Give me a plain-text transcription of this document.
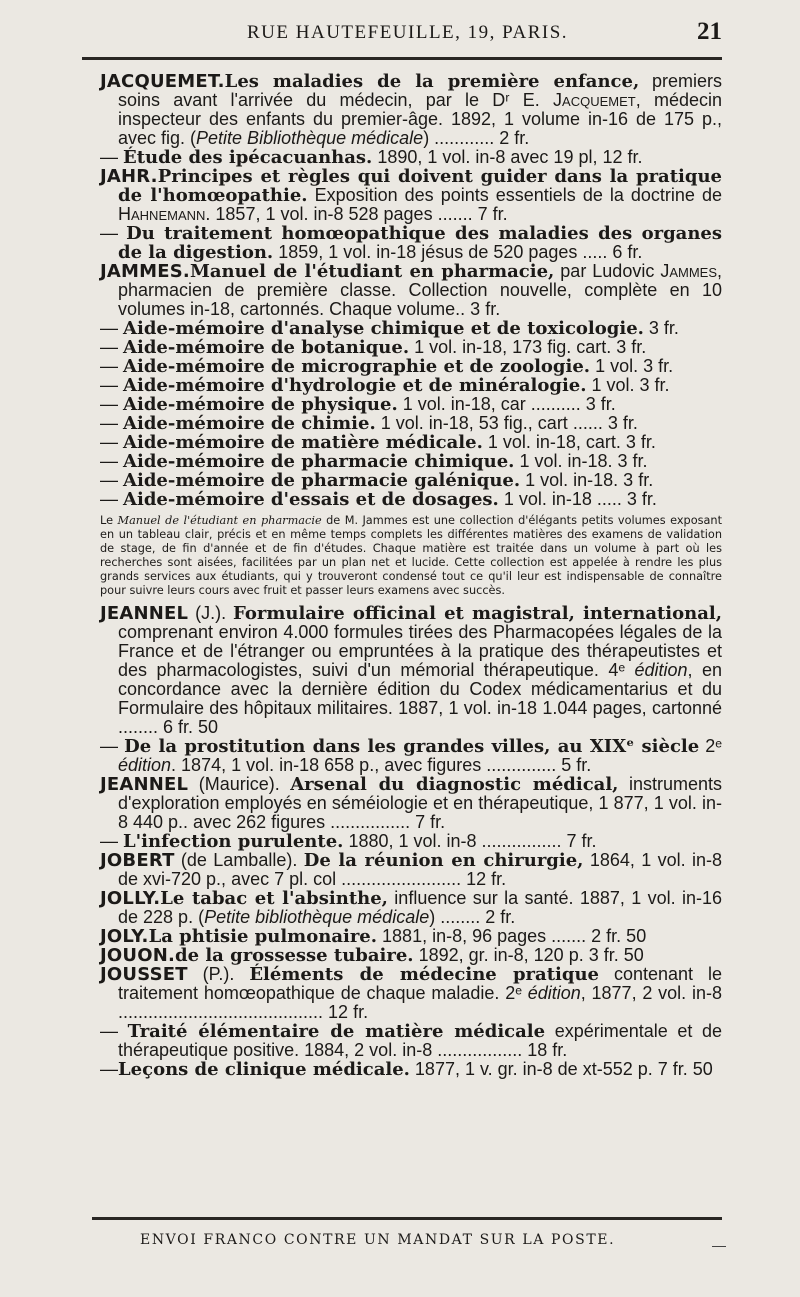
RUE HAUTEFEUILLE, 19, PARIS.	21
JACQUEMET.Les maladies de la première enfance, premiers soins avant l'arrivée du médecin, par le Dʳ E. Jacquemet, médecin inspecteur des enfants du premier-âge. 1892, 1 volume in-16 de 175 p., avec fig. (Petite Bibliothèque médicale) ............ 2 fr.
— Étude des ipécacuanhas. 1890, 1 vol. in-8 avec 19 pl, 12 fr.
JAHR.Principes et règles qui doivent guider dans la pratique de l'homœopathie. Exposition des points essentiels de la doctrine de Hahnemann. 1857, 1 vol. in-8 528 pages ....... 7 fr.
— Du traitement homœopathique des maladies des organes de la digestion. 1859, 1 vol. in-18 jésus de 520 pages ..... 6 fr.
JAMMES.Manuel de l'étudiant en pharmacie, par Ludovic Jammes, pharmacien de première classe. Collection nouvelle, complète en 10 volumes in-18, cartonnés. Chaque volume.. 3 fr.
— Aide-mémoire d'analyse chimique et de toxicologie. 3 fr.
— Aide-mémoire de botanique. 1 vol. in-18, 173 fig. cart. 3 fr.
— Aide-mémoire de micrographie et de zoologie. 1 vol. 3 fr.
— Aide-mémoire d'hydrologie et de minéralogie. 1 vol. 3 fr.
— Aide-mémoire de physique. 1 vol. in-18, car .......... 3 fr.
— Aide-mémoire de chimie. 1 vol. in-18, 53 fig., cart ...... 3 fr.
— Aide-mémoire de matière médicale. 1 vol. in-18, cart. 3 fr.
— Aide-mémoire de pharmacie chimique. 1 vol. in-18. 3 fr.
— Aide-mémoire de pharmacie galénique. 1 vol. in-18. 3 fr.
— Aide-mémoire d'essais et de dosages. 1 vol. in-18 ..... 3 fr.
Le Manuel de l'étudiant en pharmacie de M. Jammes est une collection d'élégants petits volumes exposant en un tableau clair, précis et en même temps complets les différentes matières des examens de validation de stage, de fin d'année et de fin d'études. Chaque matière est traitée dans un volume à part où les recherches sont aisées, facilitées par un plan net et lucide. Cette collection est appelée à rendre les plus grands services aux étudiants, qui y trouveront condensé tout ce qu'il leur est indispensable de connaître pour suivre leurs cours avec fruit et passer leurs examens avec succès.
JEANNEL (J.). Formulaire officinal et magistral, international, comprenant environ 4.000 formules tirées des Pharmacopées légales de la France et de l'étranger ou empruntées à la pratique des thérapeutistes et des pharmacologistes, suivi d'un mémorial thérapeutique. 4ᵉ édition, en concordance avec la dernière édition du Codex médicamentarius et du Formulaire des hôpitaux militaires. 1887, 1 vol. in-18 1.044 pages, cartonné ........ 6 fr. 50
— De la prostitution dans les grandes villes, au XIXᵉ siècle 2ᵉ édition. 1874, 1 vol. in-18 658 p., avec figures .............. 5 fr.
JEANNEL (Maurice). Arsenal du diagnostic médical, instruments d'exploration employés en séméiologie et en thérapeutique, 1 877, 1 vol. in-8 440 p.. avec 262 figures ................ 7 fr.
— L'infection purulente. 1880, 1 vol. in-8 ................ 7 fr.
JOBERT (de Lamballe). De la réunion en chirurgie, 1864, 1 vol. in-8 de xvi-720 p., avec 7 pl. col ........................ 12 fr.
JOLLY.Le tabac et l'absinthe, influence sur la santé. 1887, 1 vol. in-16 de 228 p. (Petite bibliothèque médicale) ........ 2 fr.
JOLY.La phtisie pulmonaire. 1881, in-8, 96 pages ....... 2 fr. 50
JOUON.de la grossesse tubaire. 1892, gr. in-8, 120 p. 3 fr. 50
JOUSSET (P.). Éléments de médecine pratique contenant le traitement homœopathique de chaque maladie. 2ᵉ édition, 1877, 2 vol. in-8 ......................................... 12 fr.
— Traité élémentaire de matière médicale expérimentale et de thérapeutique positive. 1884, 2 vol. in-8 ................. 18 fr.
—Leçons de clinique médicale. 1877, 1 v. gr. in-8 de xt-552 p. 7 fr. 50
ENVOI FRANCO CONTRE UN MANDAT SUR LA POSTE.
